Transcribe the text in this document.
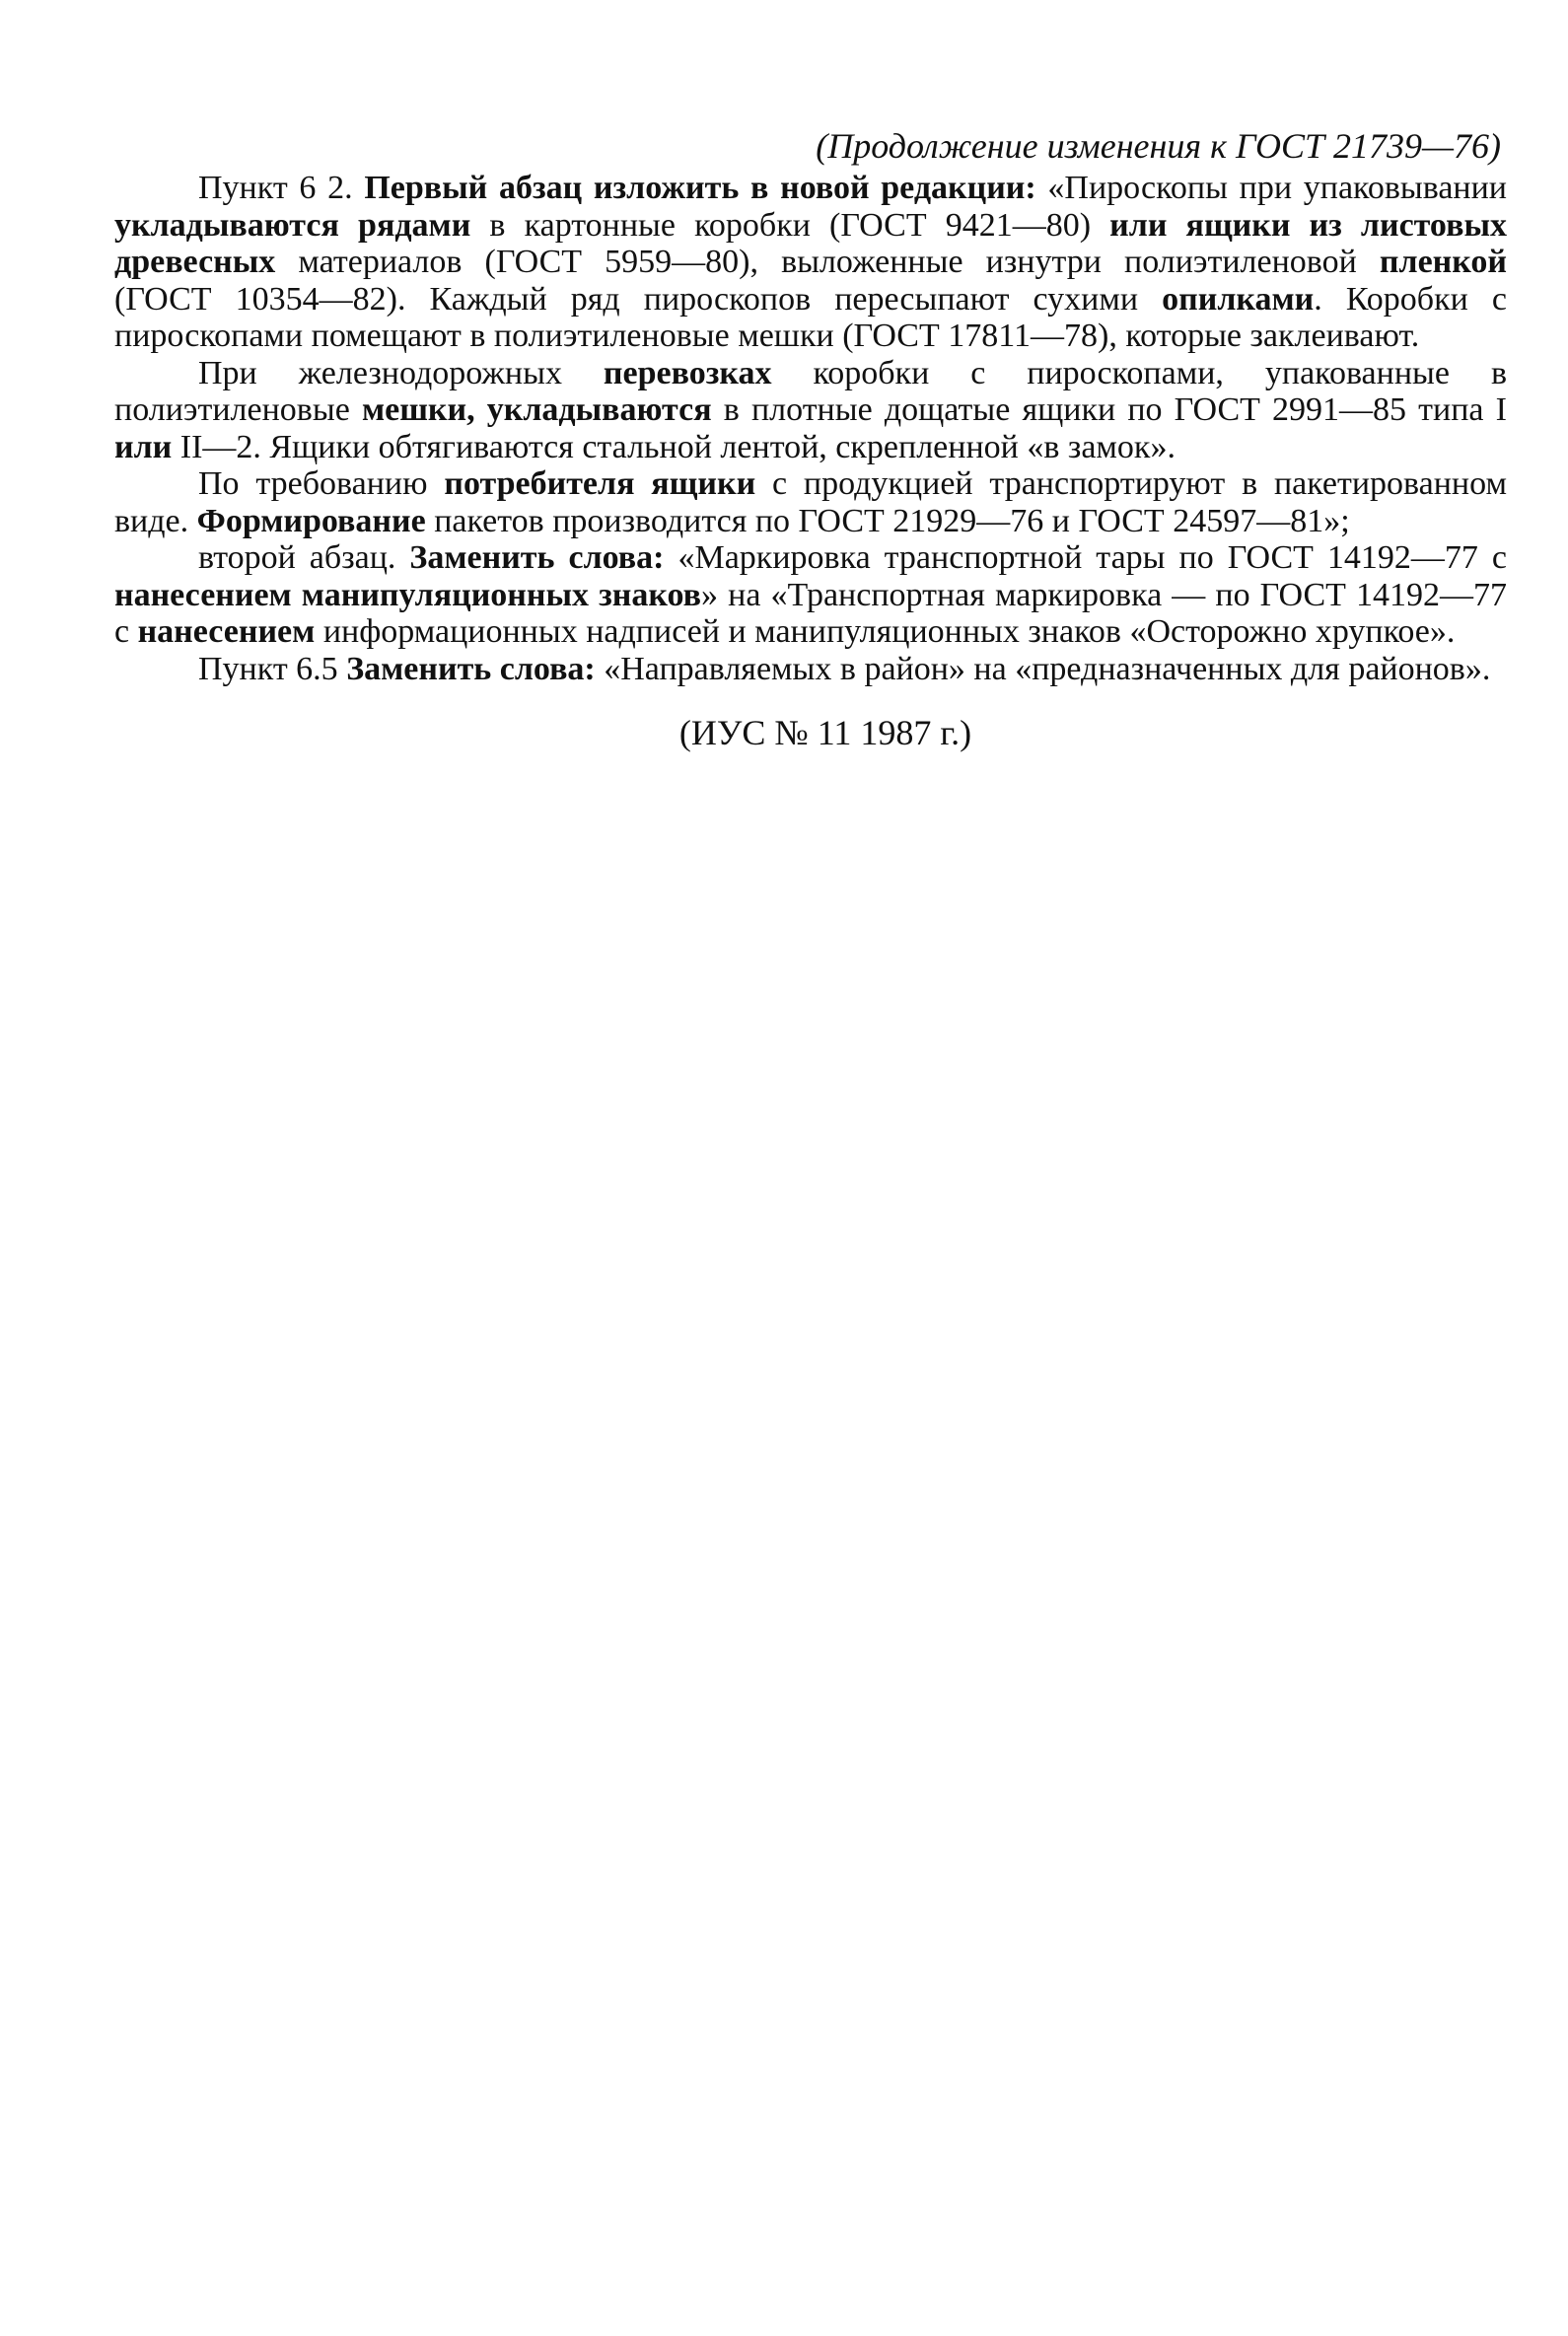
(Продолжение изменения к ГОСТ 21739—76)

Пункт 6 2. Первый абзац изложить в новой редакции: «Пироскопы при упаковывании укладываются рядами в картонные коробки (ГОСТ 9421—80) или ящики из листовых древесных материалов (ГОСТ 5959—80), выложенные изнутри полиэтиленовой пленкой (ГОСТ 10354—82). Каждый ряд пироскопов пересыпают сухими опилками. Коробки с пироскопами помещают в полиэтиленовые мешки (ГОСТ 17811—78), которые заклеивают.

При железнодорожных перевозках коробки с пироскопами, упакованные в полиэтиленовые мешки, укладываются в плотные дощатые ящики по ГОСТ 2991—85 типа I или II—2. Ящики обтягиваются стальной лентой, скрепленной «в замок».

По требованию потребителя ящики с продукцией транспортируют в пакетированном виде. Формирование пакетов производится по ГОСТ 21929—76 и ГОСТ 24597—81»;

второй абзац. Заменить слова: «Маркировка транспортной тары по ГОСТ 14192—77 с нанесением манипуляционных знаков» на «Транспортная маркировка — по ГОСТ 14192—77 с нанесением информационных надписей и манипуляционных знаков «Осторожно хрупкое».

Пункт 6.5 Заменить слова: «Направляемых в район» на «предназначенных для районов».

(ИУС № 11 1987 г.)
